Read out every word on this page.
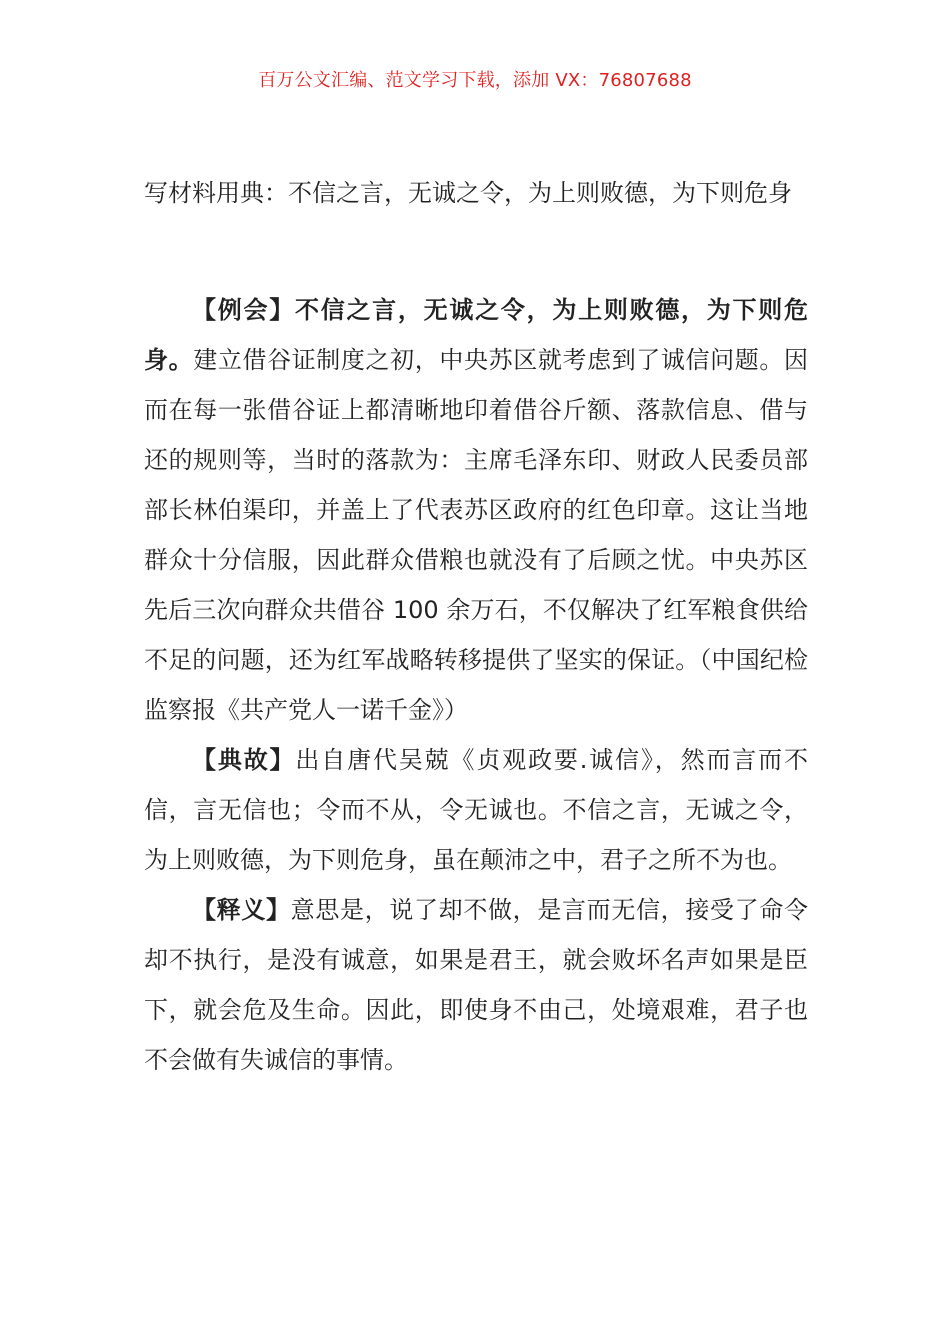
百万公文汇编、范文学习下载，添加 VX：76807688
写材料用典：不信之言，无诚之令，为上则败德，为下则危身

【例会】不信之言，无诚之令，为上则败德，为下则危身。建立借谷证制度之初，中央苏区就考虑到了诚信问题。因而在每一张借谷证上都清晰地印着借谷斤额、落款信息、借与还的规则等，当时的落款为：主席毛泽东印、财政人民委员部部长林伯渠印，并盖上了代表苏区政府的红色印章。这让当地群众十分信服，因此群众借粮也就没有了后顾之忧。中央苏区先后三次向群众共借谷 100 余万石，不仅解决了红军粮食供给不足的问题，还为红军战略转移提供了坚实的保证。（中国纪检监察报《共产党人一诺千金》）

【典故】出自唐代吴兢《贞观政要.诚信》，然而言而不信，言无信也；令而不从，令无诚也。不信之言，无诚之令，为上则败德，为下则危身，虽在颠沛之中，君子之所不为也。

【释义】意思是，说了却不做，是言而无信，接受了命令却不执行，是没有诚意，如果是君王，就会败坏名声如果是臣下，就会危及生命。因此，即使身不由己，处境艰难，君子也不会做有失诚信的事情。
